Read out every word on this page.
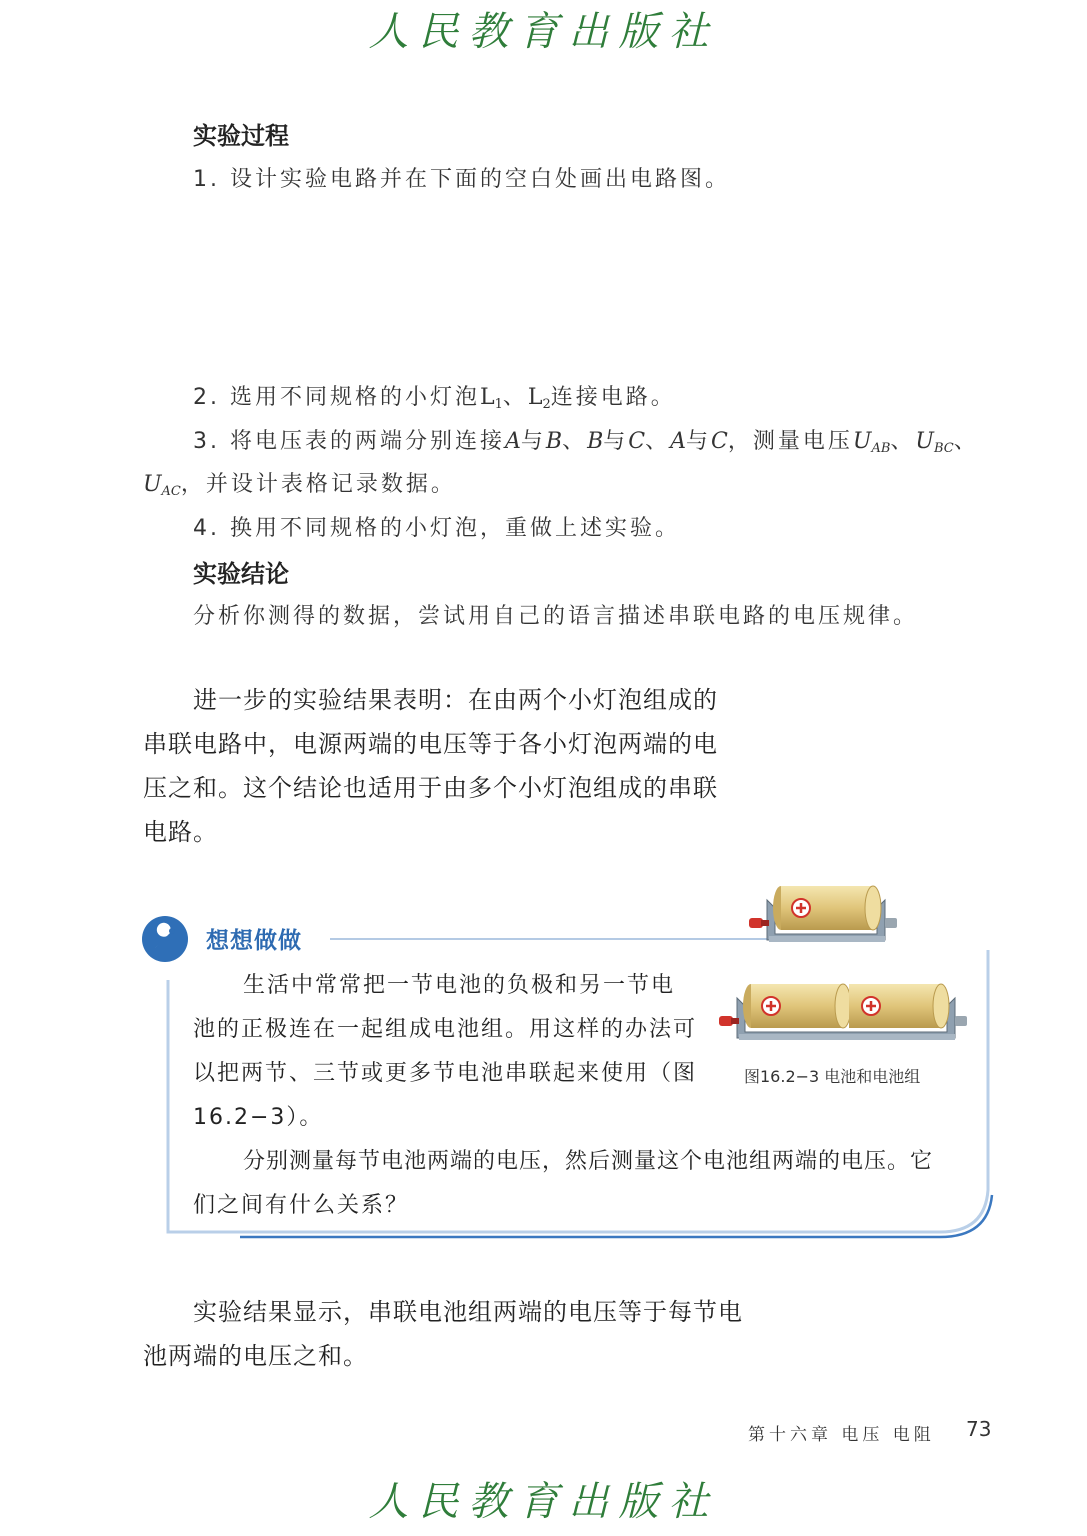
人民教育出版社
实验过程
1. 设计实验电路并在下面的空白处画出电路图。
2. 选用不同规格的小灯泡$L_1$、$L_2$连接电路。
3. 将电压表的两端分别连接A与B、B与C、A与C，测量电压$U_{AB}$、$U_{BC}$、
$U_{AC}$，并设计表格记录数据。
4. 换用不同规格的小灯泡，重做上述实验。
实验结论
分析你测得的数据，尝试用自己的语言描述串联电路的电压规律。
进一步的实验结果表明：在由两个小灯泡组成的
串联电路中，电源两端的电压等于各小灯泡两端的电
压之和。这个结论也适用于由多个小灯泡组成的串联
电路。
想想做做
生活中常常把一节电池的负极和另一节电
池的正极连在一起组成电池组。用这样的办法可
以把两节、三节或更多节电池串联起来使用（图
16.2−3）。
分别测量每节电池两端的电压，然后测量这个电池组两端的电压。它
们之间有什么关系？
图16.2−3 电池和电池组
实验结果显示，串联电池组两端的电压等于每节电
池两端的电压之和。
第十六章 电压 电阻 73
人民教育出版社
